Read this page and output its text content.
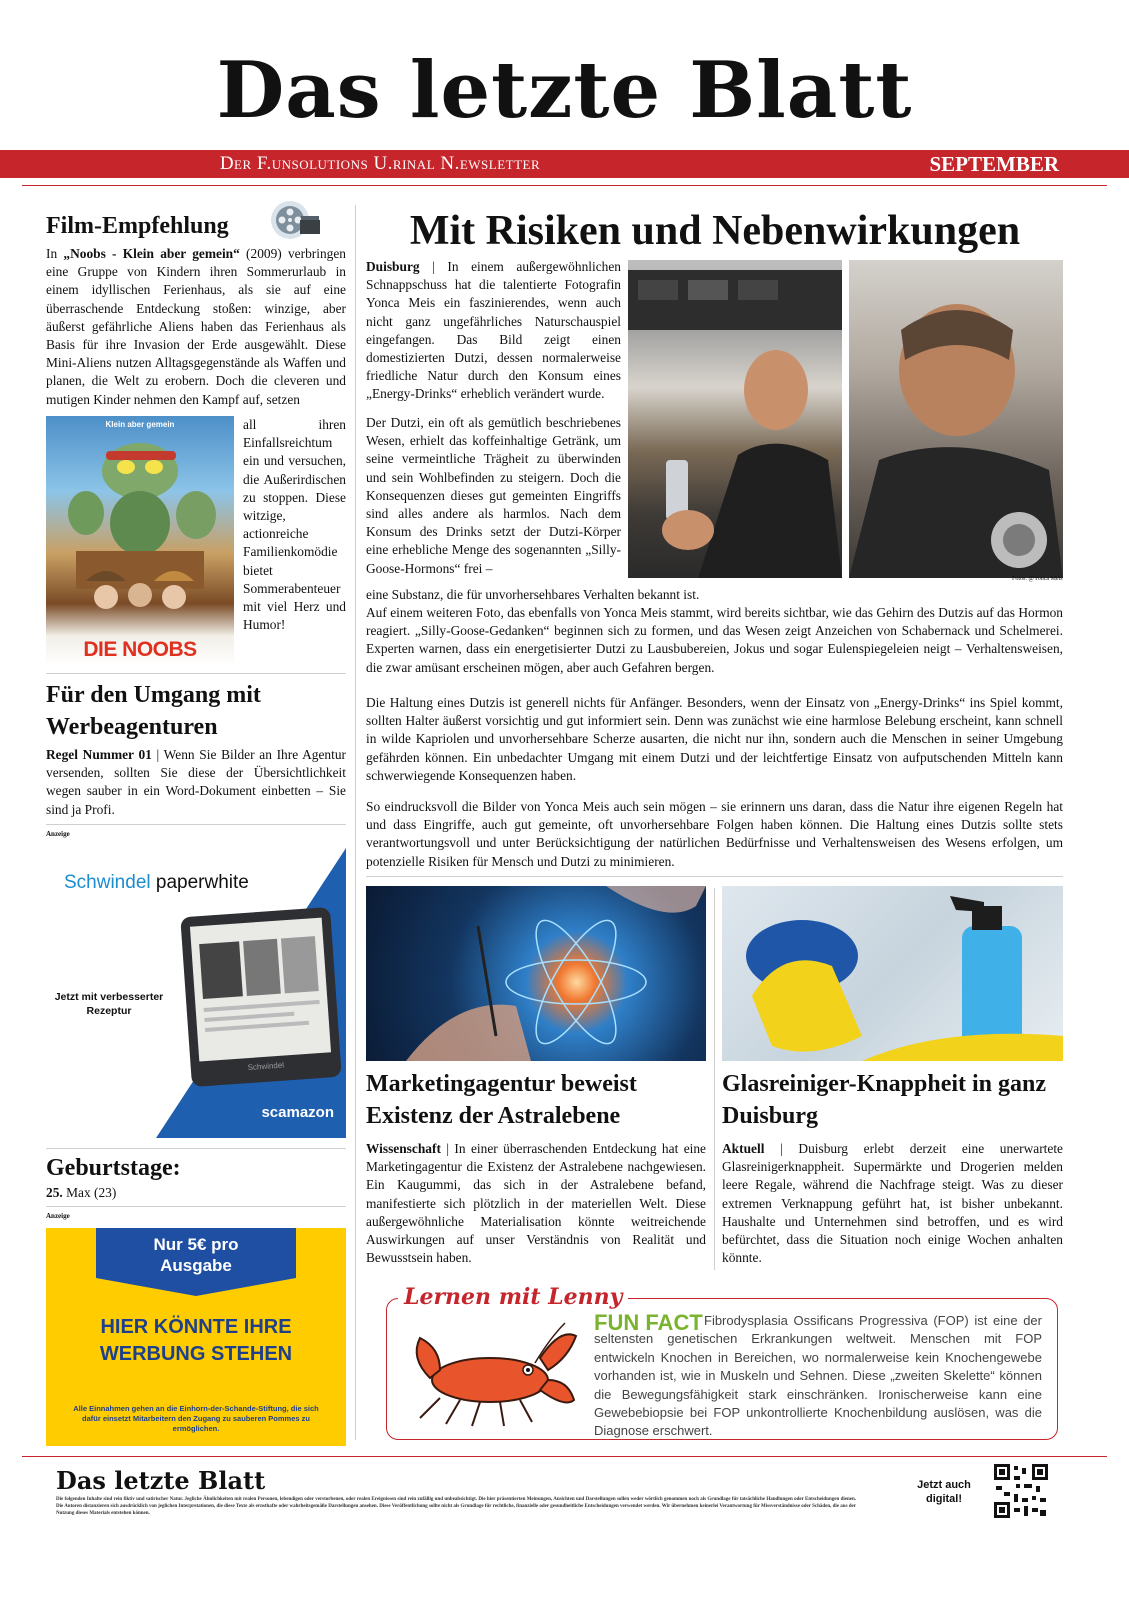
Das letzte Blatt
Der F.unsolutions U.rinal N.ewsletter	SEPTEMBER
Film-Empfehlung
In „Noobs - Klein aber gemein“ (2009) verbringen eine Gruppe von Kindern ihren Sommerurlaub in einem idyllischen Ferienhaus, als sie auf eine überraschende Entdeckung stoßen: winzige, aber äußerst gefährliche Aliens haben das Ferienhaus als Basis für ihre Invasion der Erde ausgewählt. Diese Mini-Aliens nutzen Alltagsgegenstände als Waffen und planen, die Welt zu erobern. Doch die cleveren und mutigen Kinder nehmen den Kampf auf, setzen
Klein aber gemein
DIE NOOBS
all ihren Einfallsreichtum ein und versuchen, die Außerirdischen zu stoppen. Diese witzige, actionreiche Familienkomödie bietet Sommerabenteuer mit viel Herz und Humor!
Für den Umgang mit Werbeagenturen
Regel Nummer 01 | Wenn Sie Bilder an Ihre Agentur versenden, sollten Sie diese der Übersichtlichkeit wegen sauber in ein Word-Dokument einbetten – Sie sind ja Profi.
Anzeige
Schwindel paperwhite
Jetzt mit verbesserter Rezeptur
Schwindel
scamazon
Geburtstage:
25. Max (23)
Anzeige
Nur 5€ pro Ausgabe
HIER KÖNNTE IHRE WERBUNG STEHEN
Alle Einnahmen gehen an die Einhorn-der-Schande-Stiftung, die sich dafür einsetzt Mitarbeitern den Zugang zu sauberen Pommes zu ermöglichen.
Mit Risiken und Nebenwirkungen
Duisburg | In einem außergewöhnlichen Schnappschuss hat die talentierte Fotografin Yonca Meis ein faszinierendes, wenn auch nicht ganz ungefährliches Naturschauspiel eingefangen. Das Bild zeigt einen domestizierten Dutzi, dessen normalerweise friedliche Natur durch den Konsum eines „Energy-Drinks“ erheblich verändert wurde.
Der Dutzi, ein oft als gemütlich beschriebenes Wesen, erhielt das koffeinhaltige Getränk, um seine vermeintliche Trägheit zu überwinden und sein Wohlbefinden zu steigern. Doch die Konsequenzen dieses gut gemeinten Eingriffs sind alles andere als harmlos. Nach dem Konsum des Drinks setzt der Dutzi-Körper eine erhebliche Menge des sogenannten „Silly-Goose-Hormons“ frei –
Fotos: @Yonca Meis
eine Substanz, die für unvorhersehbares Verhalten bekannt ist.
Auf einem weiteren Foto, das ebenfalls von Yonca Meis stammt, wird bereits sichtbar, wie das Gehirn des Dutzis auf das Hormon reagiert. „Silly-Goose-Gedanken“ beginnen sich zu formen, und das Wesen zeigt Anzeichen von Schabernack und Schelmerei. Experten warnen, dass ein energetisierter Dutzi zu Lausbubereien, Jokus und sogar Eulenspiegeleien neigt – Verhaltensweisen, die zwar amüsant erscheinen mögen, aber auch Gefahren bergen.
Die Haltung eines Dutzis ist generell nichts für Anfänger. Besonders, wenn der Einsatz von „Energy-Drinks“ ins Spiel kommt, sollten Halter äußerst vorsichtig und gut informiert sein. Denn was zunächst wie eine harmlose Belebung erscheint, kann schnell in wilde Kapriolen und unvorhersehbare Scherze ausarten, die nicht nur ihn, sondern auch die Menschen in seiner Umgebung gefährden können. Ein unbedachter Umgang mit einem Dutzi und der leichtfertige Einsatz von aufputschenden Mitteln kann schwerwiegende Konsequenzen haben.
So eindrucksvoll die Bilder von Yonca Meis auch sein mögen – sie erinnern uns daran, dass die Natur ihre eigenen Regeln hat und dass Eingriffe, auch gut gemeinte, oft unvorhersehbare Folgen haben können. Die Haltung eines Dutzis sollte stets verantwortungsvoll und unter Berücksichtigung der natürlichen Bedürfnisse und Verhaltensweisen des Wesens erfolgen, um potenzielle Risiken für Mensch und Dutzi zu minimieren.
Marketingagentur beweist Existenz der Astralebene
Wissenschaft | In einer überraschenden Entdeckung hat eine Marketingagentur die Existenz der Astralebene nachgewiesen. Ein Kaugummi, das sich in der Astralebene befand, manifestierte sich plötzlich in der materiellen Welt. Diese außergewöhnliche Materialisation könnte weitreichende Auswirkungen auf unser Verständnis von Realität und Bewusstsein haben.
Glasreiniger-Knappheit in ganz Duisburg
Aktuell | Duisburg erlebt derzeit eine unerwartete Glasreinigerknappheit. Supermärkte und Drogerien melden leere Regale, während die Nachfrage steigt. Was zu dieser extremen Verknappung geführt hat, ist bisher unbekannt. Haushalte und Unternehmen sind betroffen, und es wird befürchtet, dass die Situation noch einige Wochen anhalten könnte.
Lernen mit Lenny
FUN FACT Fibrodysplasia Ossificans Progressiva (FOP) ist eine der seltensten genetischen Erkrankungen weltweit. Menschen mit FOP entwickeln Knochen in Bereichen, wo normalerweise kein Knochengewebe vorhanden ist, wie in Muskeln und Sehnen. Diese „zweiten Skelette“ können die Bewegungsfähigkeit stark einschränken. Ironischerweise kann eine Gewebebiopsie bei FOP unkontrollierte Knochenbildung auslösen, was die Diagnose erschwert.
Das letzte Blatt
Die folgenden Inhalte sind rein fiktiv und satirischer Natur. Jegliche Ähnlichkeiten mit realen Personen, lebendigen oder verstorbenen, oder realen Ereignissen sind rein zufällig und unbeabsichtigt. Die hier präsentierten Meinungen, Ansichten und Darstellungen sollen weder wörtlich genommen noch als Grundlage für tatsächliche Handlungen oder Entscheidungen dienen. Die Autoren distanzieren sich ausdrücklich von jeglichen Interpretationen, die diese Texte als ernsthafte oder wahrheitsgemäße Darstellungen ansehen. Diese Veröffentlichung sollte nicht als Grundlage für rechtliche, finanzielle oder gesundheitliche Entscheidungen verwendet werden. Wir übernehmen keinerlei Verantwortung für Missverständnisse oder Schäden, die aus der Nutzung dieses Materials entstehen können.
Jetzt auch digital!
